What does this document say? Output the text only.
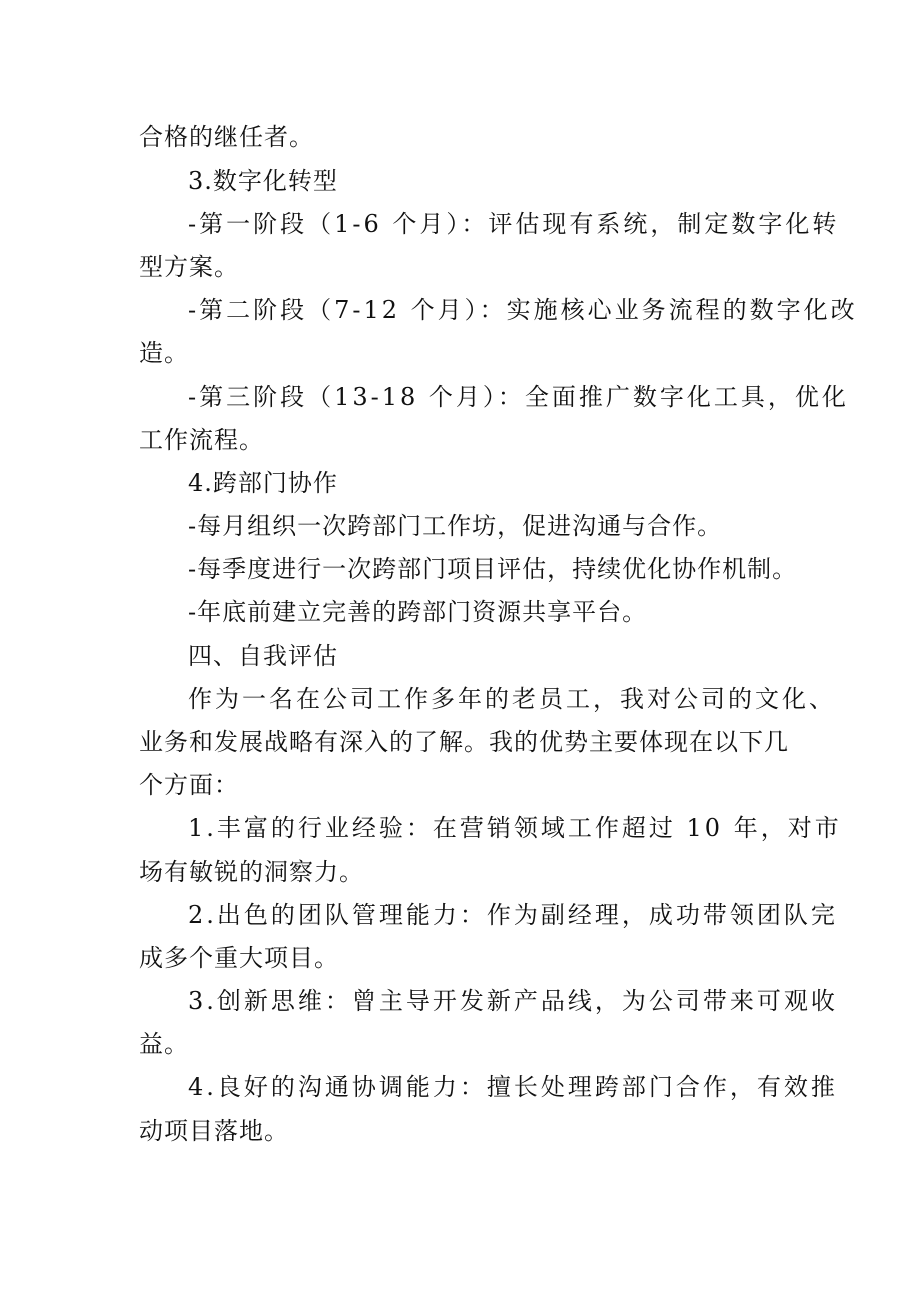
合格的继任者。
3.数字化转型
-第一阶段（1-6 个月）：评估现有系统，制定数字化转
型方案。
-第二阶段（7-12 个月）：实施核心业务流程的数字化改
造。
-第三阶段（13-18 个月）：全面推广数字化工具，优化
工作流程。
4.跨部门协作
-每月组织一次跨部门工作坊，促进沟通与合作。
-每季度进行一次跨部门项目评估，持续优化协作机制。
-年底前建立完善的跨部门资源共享平台。
四、自我评估
作为一名在公司工作多年的老员工，我对公司的文化、
业务和发展战略有深入的了解。我的优势主要体现在以下几
个方面：
1.丰富的行业经验：在营销领域工作超过 10 年，对市
场有敏锐的洞察力。
2.出色的团队管理能力：作为副经理，成功带领团队完
成多个重大项目。
3.创新思维：曾主导开发新产品线，为公司带来可观收
益。
4.良好的沟通协调能力：擅长处理跨部门合作，有效推
动项目落地。
